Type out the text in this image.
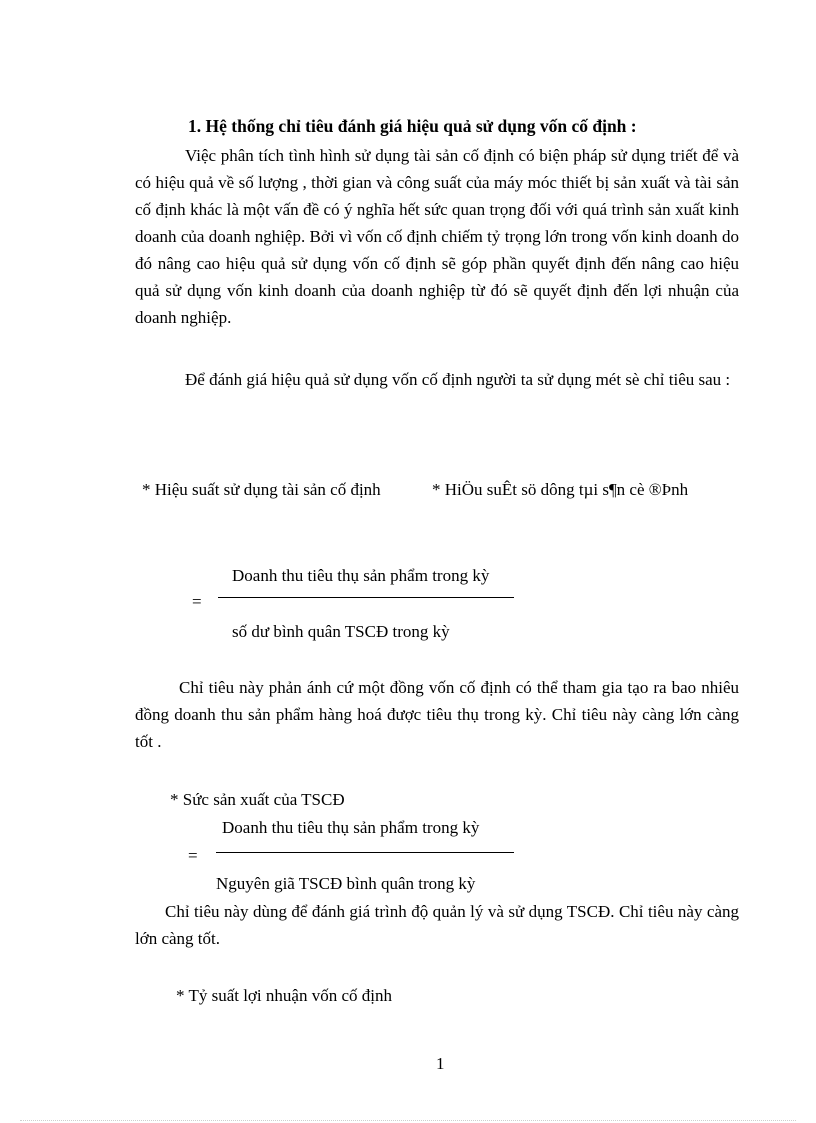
1. Hệ thống chỉ tiêu đánh giá hiệu quả sử dụng vốn cố định :
Việc phân tích tình hình sử dụng tài sản cố định có biện pháp sử dụng triết để và có hiệu quả về số lượng , thời gian và công suất của máy móc thiết bị sản xuất và tài sản cố định khác là một vấn đề có ý nghĩa hết sức quan trọng đối với quá trình sản xuất kinh doanh của doanh nghiệp. Bởi vì vốn cố định chiếm tỷ trọng lớn trong vốn kinh doanh do đó nâng cao hiệu quả sử dụng vốn cố định sẽ góp phần quyết định đến nâng cao hiệu quả sử dụng vốn kinh doanh của doanh nghiệp từ đó sẽ quyết định đến lợi nhuận của doanh nghiệp.
Để đánh giá hiệu quả sử dụng vốn cố định người ta sử dụng mét sè chỉ tiêu sau :
* Hiệu suất sử dụng tài sản cố định	* HiÖu suÊt sö dông tµi s¶n cè ®Þnh
Doanh thu tiêu thụ sản phẩm trong kỳ
=
số dư bình quân TSCĐ trong kỳ
Chỉ tiêu này phản ánh cứ một đồng vốn cố định có thể tham gia tạo ra bao nhiêu đồng doanh thu sản phẩm hàng hoá được tiêu thụ trong kỳ. Chỉ tiêu này càng lớn càng tốt .
* Sức sản xuất của TSCĐ
Doanh thu tiêu thụ sản phẩm trong kỳ
=
Nguyên giã TSCĐ bình quân trong kỳ
Chỉ tiêu này dùng để đánh giá trình độ quản lý và sử dụng TSCĐ. Chỉ tiêu này càng lớn càng tốt.
* Tỷ suất lợi nhuận vốn cố định
1
